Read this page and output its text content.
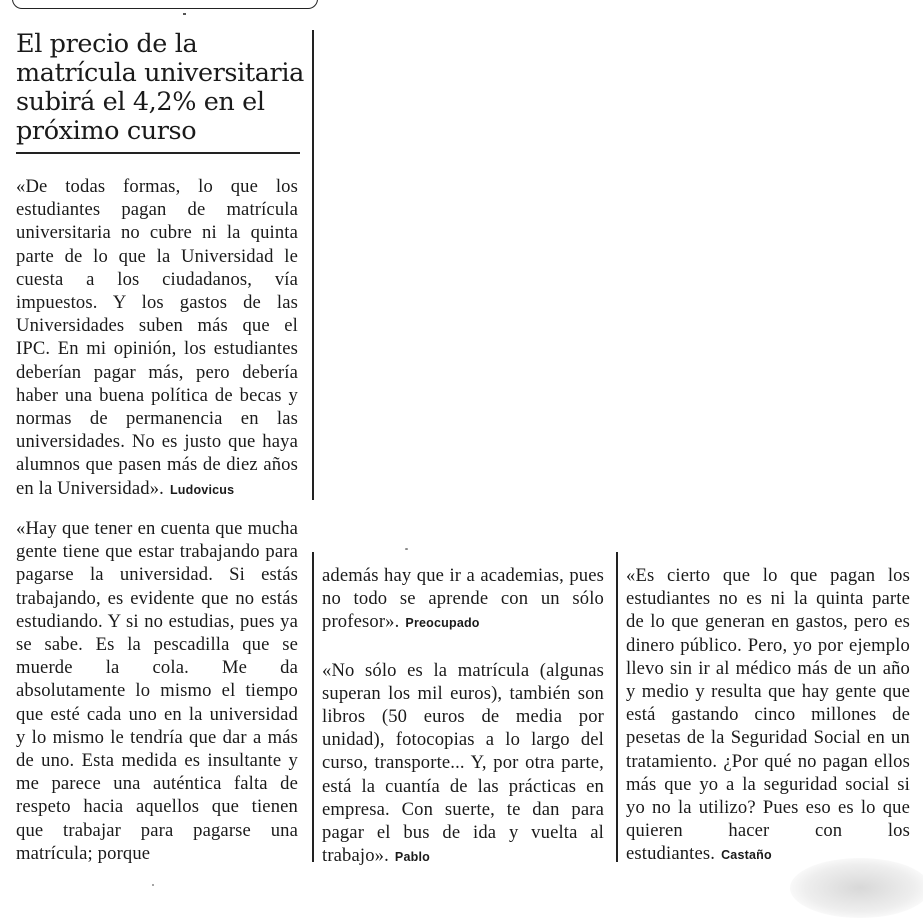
El precio de la matrícula universitaria subirá el 4,2% en el próximo curso

«De todas formas, lo que los estudiantes pagan de matrícula universitaria no cubre ni la quinta parte de lo que la Universidad le cuesta a los ciudadanos, vía impuestos. Y los gastos de las Universidades suben más que el IPC. En mi opinión, los estudiantes deberían pagar más, pero debería haber una buena política de becas y normas de permanencia en las universidades. No es justo que haya alumnos que pasen más de diez años en la Universidad». Ludovicus

«Hay que tener en cuenta que mucha gente tiene que estar trabajando para pagarse la universidad. Si estás trabajando, es evidente que no estás estudiando. Y si no estudias, pues ya se sabe. Es la pescadilla que se muerde la cola. Me da absolutamente lo mismo el tiempo que esté cada uno en la universidad y lo mismo le tendría que dar a más de uno. Esta medida es insultante y me parece una auténtica falta de respeto hacia aquellos que tienen que trabajar para pagarse una matrícula; porque

además hay que ir a academias, pues no todo se aprende con un sólo profesor». Preocupado

«No sólo es la matrícula (algunas superan los mil euros), también son libros (50 euros de media por unidad), fotocopias a lo largo del curso, transporte... Y, por otra parte, está la cuantía de las prácticas en empresa. Con suerte, te dan para pagar el bus de ida y vuelta al trabajo». Pablo

«Es cierto que lo que pagan los estudiantes no es ni la quinta parte de lo que generan en gastos, pero es dinero público. Pero, yo por ejemplo llevo sin ir al médico más de un año y medio y resulta que hay gente que está gastando cinco millones de pesetas de la Seguridad Social en un tratamiento. ¿Por qué no pagan ellos más que yo a la seguridad social si yo no la utilizo? Pues eso es lo que quieren hacer con los estudiantes. Castaño
